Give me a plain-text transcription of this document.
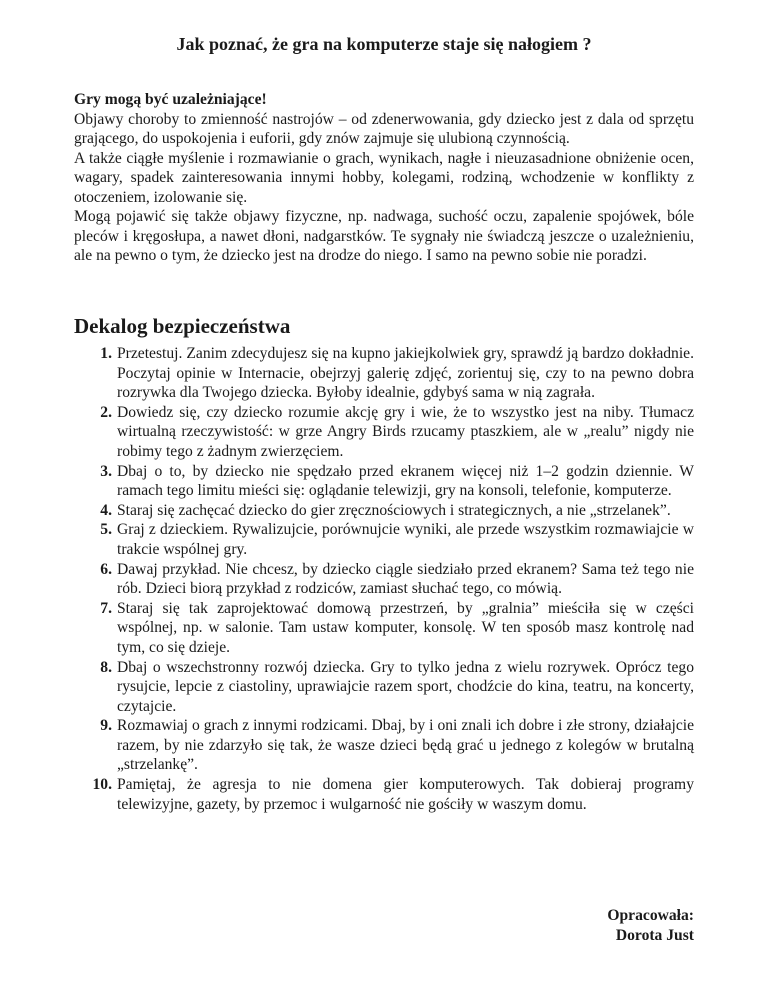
Jak poznać, że gra na komputerze staje się nałogiem ?

Gry mogą być uzależniające!

Objawy choroby to zmienność nastrojów – od zdenerwowania, gdy dziecko jest z dala od sprzętu grającego, do uspokojenia i euforii, gdy znów zajmuje się ulubioną czynnością.

A także ciągłe myślenie i rozmawianie o grach, wynikach, nagłe i nieuzasadnione obniżenie ocen, wagary, spadek zainteresowania innymi hobby, kolegami, rodziną, wchodzenie w konflikty z otoczeniem, izolowanie się.

Mogą pojawić się także objawy fizyczne, np. nadwaga, suchość oczu, zapalenie spojówek, bóle pleców i kręgosłupa, a nawet dłoni, nadgarstków. Te sygnały nie świadczą jeszcze o uzależnieniu, ale na pewno o tym, że dziecko jest na drodze do niego. I samo na pewno sobie nie poradzi.

Dekalog bezpieczeństwa
1. Przetestuj. Zanim zdecydujesz się na kupno jakiejkolwiek gry, sprawdź ją bardzo dokładnie. Poczytaj opinie w Internacie, obejrzyj galerię zdjęć, zorientuj się, czy to na pewno dobra rozrywka dla Twojego dziecka. Byłoby idealnie, gdybyś sama w nią zagrała.
2. Dowiedz się, czy dziecko rozumie akcję gry i wie, że to wszystko jest na niby. Tłumacz wirtualną rzeczywistość: w grze Angry Birds rzucamy ptaszkiem, ale w „realu” nigdy nie robimy tego z żadnym zwierzęciem.
3. Dbaj o to, by dziecko nie spędzało przed ekranem więcej niż 1–2 godzin dziennie. W ramach tego limitu mieści się: oglądanie telewizji, gry na konsoli, telefonie, komputerze.
4. Staraj się zachęcać dziecko do gier zręcznościowych i strategicznych, a nie „strzelanek”.
5. Graj z dzieckiem. Rywalizujcie, porównujcie wyniki, ale przede wszystkim rozmawiajcie w trakcie wspólnej gry.
6. Dawaj przykład. Nie chcesz, by dziecko ciągle siedziało przed ekranem? Sama też tego nie rób. Dzieci biorą przykład z rodziców, zamiast słuchać tego, co mówią.
7. Staraj się tak zaprojektować domową przestrzeń, by „gralnia” mieściła się w części wspólnej, np. w salonie. Tam ustaw komputer, konsolę. W ten sposób masz kontrolę nad tym, co się dzieje.
8. Dbaj o wszechstronny rozwój dziecka. Gry to tylko jedna z wielu rozrywek. Oprócz tego rysujcie, lepcie z ciastoliny, uprawiajcie razem sport, chodźcie do kina, teatru, na koncerty, czytajcie.
9. Rozmawiaj o grach z innymi rodzicami. Dbaj, by i oni znali ich dobre i złe strony, działajcie razem, by nie zdarzyło się tak, że wasze dzieci będą grać u jednego z kolegów w brutalną „strzelankę”.
10. Pamiętaj, że agresja to nie domena gier komputerowych. Tak dobieraj programy telewizyjne, gazety, by przemoc i wulgarność nie gościły w waszym domu.
Opracowała:
Dorota Just
